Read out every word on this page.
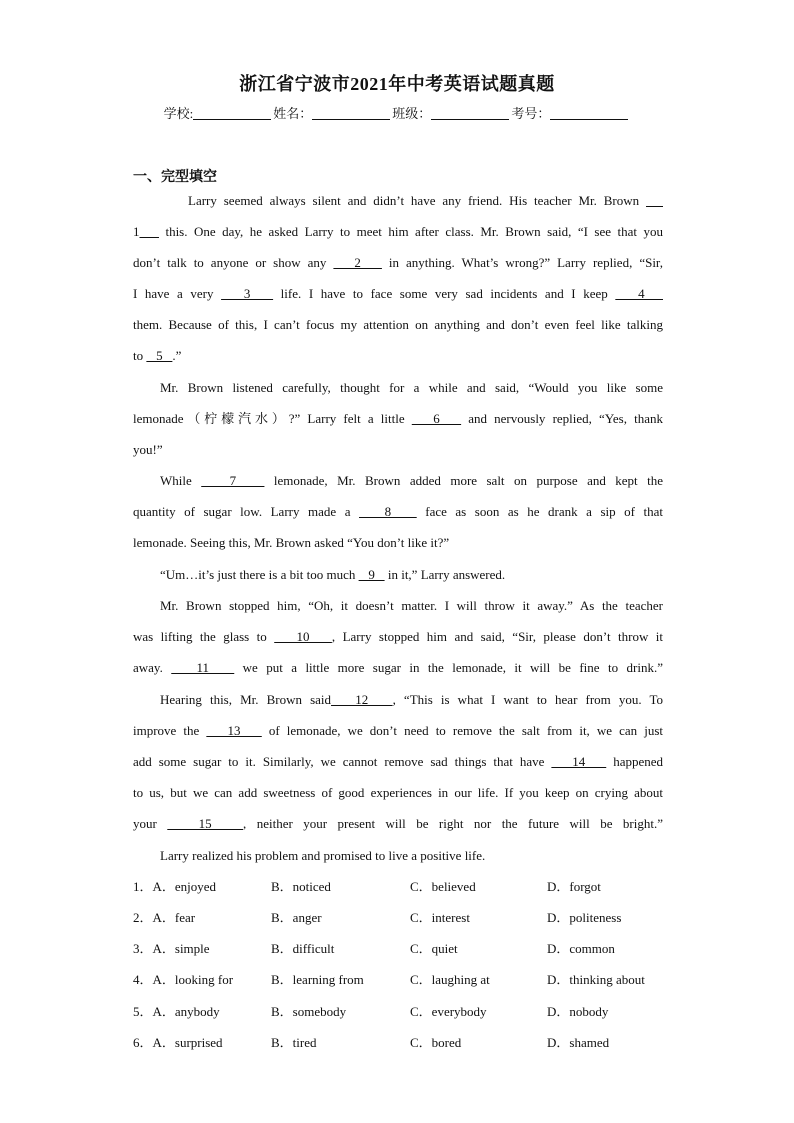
浙江省宁波市2021年中考英语试题真题
学校:	姓名：	班级：	考号：
一、完型填空
Larry seemed always silent and didn’t have any friend. His teacher Mr. Brown
1    this. One day, he asked Larry to meet him after class. Mr. Brown said, “I see that you
don’t talk to anyone or show any    2    in anything. What’s wrong?” Larry replied, “Sir,
I have a very    3    life. I have to face some very sad incidents and I keep    4
them. Because of this, I can’t focus my attention on anything and don’t even feel like talking
to    5   .”
Mr. Brown listened carefully, thought for a while and said, “Would you like some
lemonade（柠檬汽水）?” Larry felt a little    6    and nervously replied, “Yes, thank
you!”
While    7    lemonade, Mr. Brown added more salt on purpose and kept the
quantity of sugar low. Larry made a    8    face as soon as he drank a sip of that
lemonade. Seeing this, Mr. Brown asked “You don’t like it?”
“Um…it’s just there is a bit too much    9    in it,” Larry answered.
Mr. Brown stopped him, “Oh, it doesn’t matter. I will throw it away.” As the teacher
was lifting the glass to    10   , Larry stopped him and said, “Sir, please don’t throw it
away.    11    we put a little more sugar in the lemonade, it will be fine to drink.”
Hearing this, Mr. Brown said   12   , “This is what I want to hear from you. To
improve the    13    of lemonade, we don’t need to remove the salt from it, we can just
add some sugar to it. Similarly, we cannot remove sad things that have    14    happened
to us, but we can add sweetness of good experiences in our life. If you keep on crying about
your    15   , neither your present will be right nor the future will be bright.”
Larry realized his problem and promised to live a positive life.
1．A．enjoyed	B．noticed	C．believed	D．forgot
2．A．fear	B．anger	C．interest	D．politeness
3．A．simple	B．difficult	C．quiet	D．common
4．A．looking for	B．learning from	C．laughing at	D．thinking about
5．A．anybody	B．somebody	C．everybody	D．nobody
6．A．surprised	B．tired	C．bored	D．shamed
